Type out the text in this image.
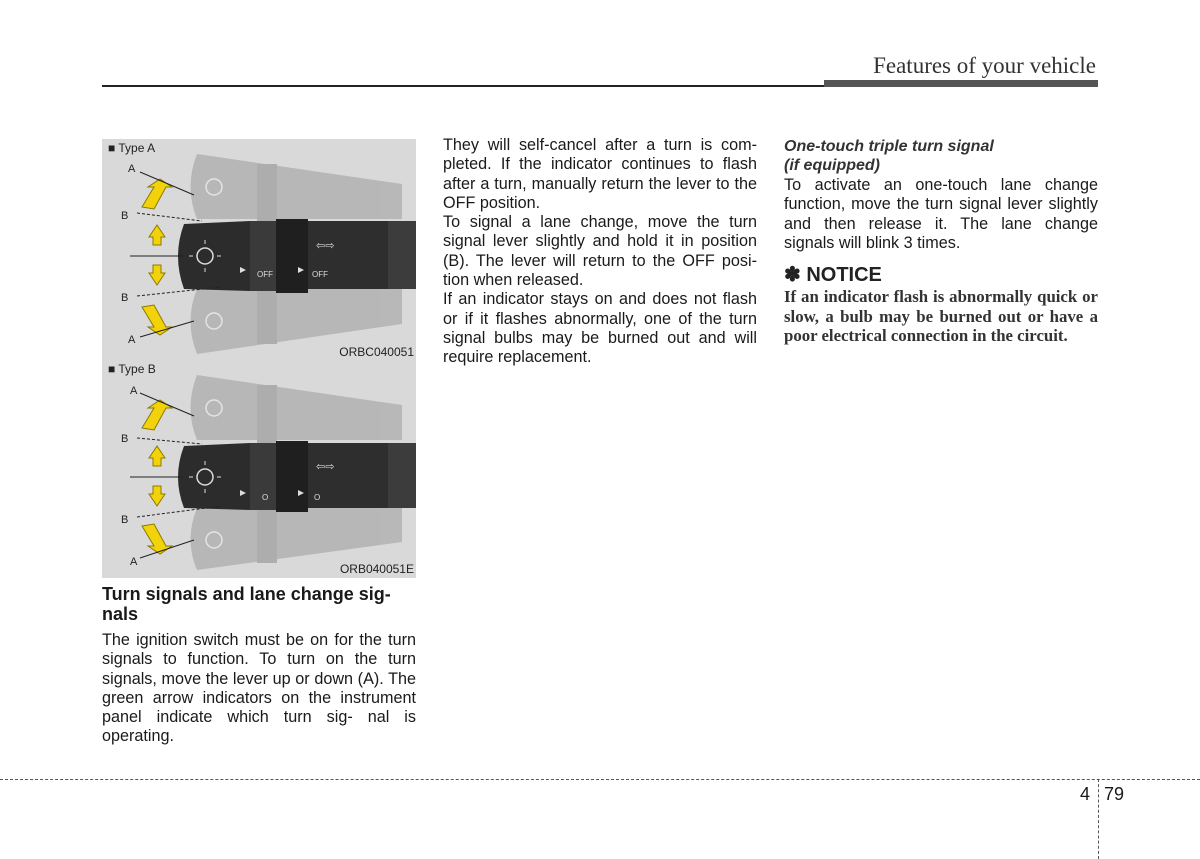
Features of your vehicle
OFF	OFF
⇦⇨
A
B
B
A
■ Type A
ORBC040051
O	O
⇦⇨
A
B
B
A
■ Type B
ORB040051E
Turn signals and lane change sig- nals

The ignition switch must be on for the turn signals to function. To turn on the turn signals, move the lever up or down (A). The green arrow indicators on the instrument panel indicate which turn sig- nal is operating.

They will self-cancel after a turn is com- pleted. If the indicator continues to flash after a turn, manually return the lever to the OFF position.

To signal a lane change, move the turn signal lever slightly and hold it in position (B). The lever will return to the OFF posi- tion when released.

If an indicator stays on and does not flash or if it flashes abnormally, one of the turn signal bulbs may be burned out and will require replacement.

One-touch triple turn signal
(if equipped)

To activate an one-touch lane change function, move the turn signal lever slightly and then release it. The lane change signals will blink 3 times.

✽ NOTICE
If an indicator flash is abnormally quick or slow, a bulb may be burned out or have a poor electrical connection in the circuit.
4 79
